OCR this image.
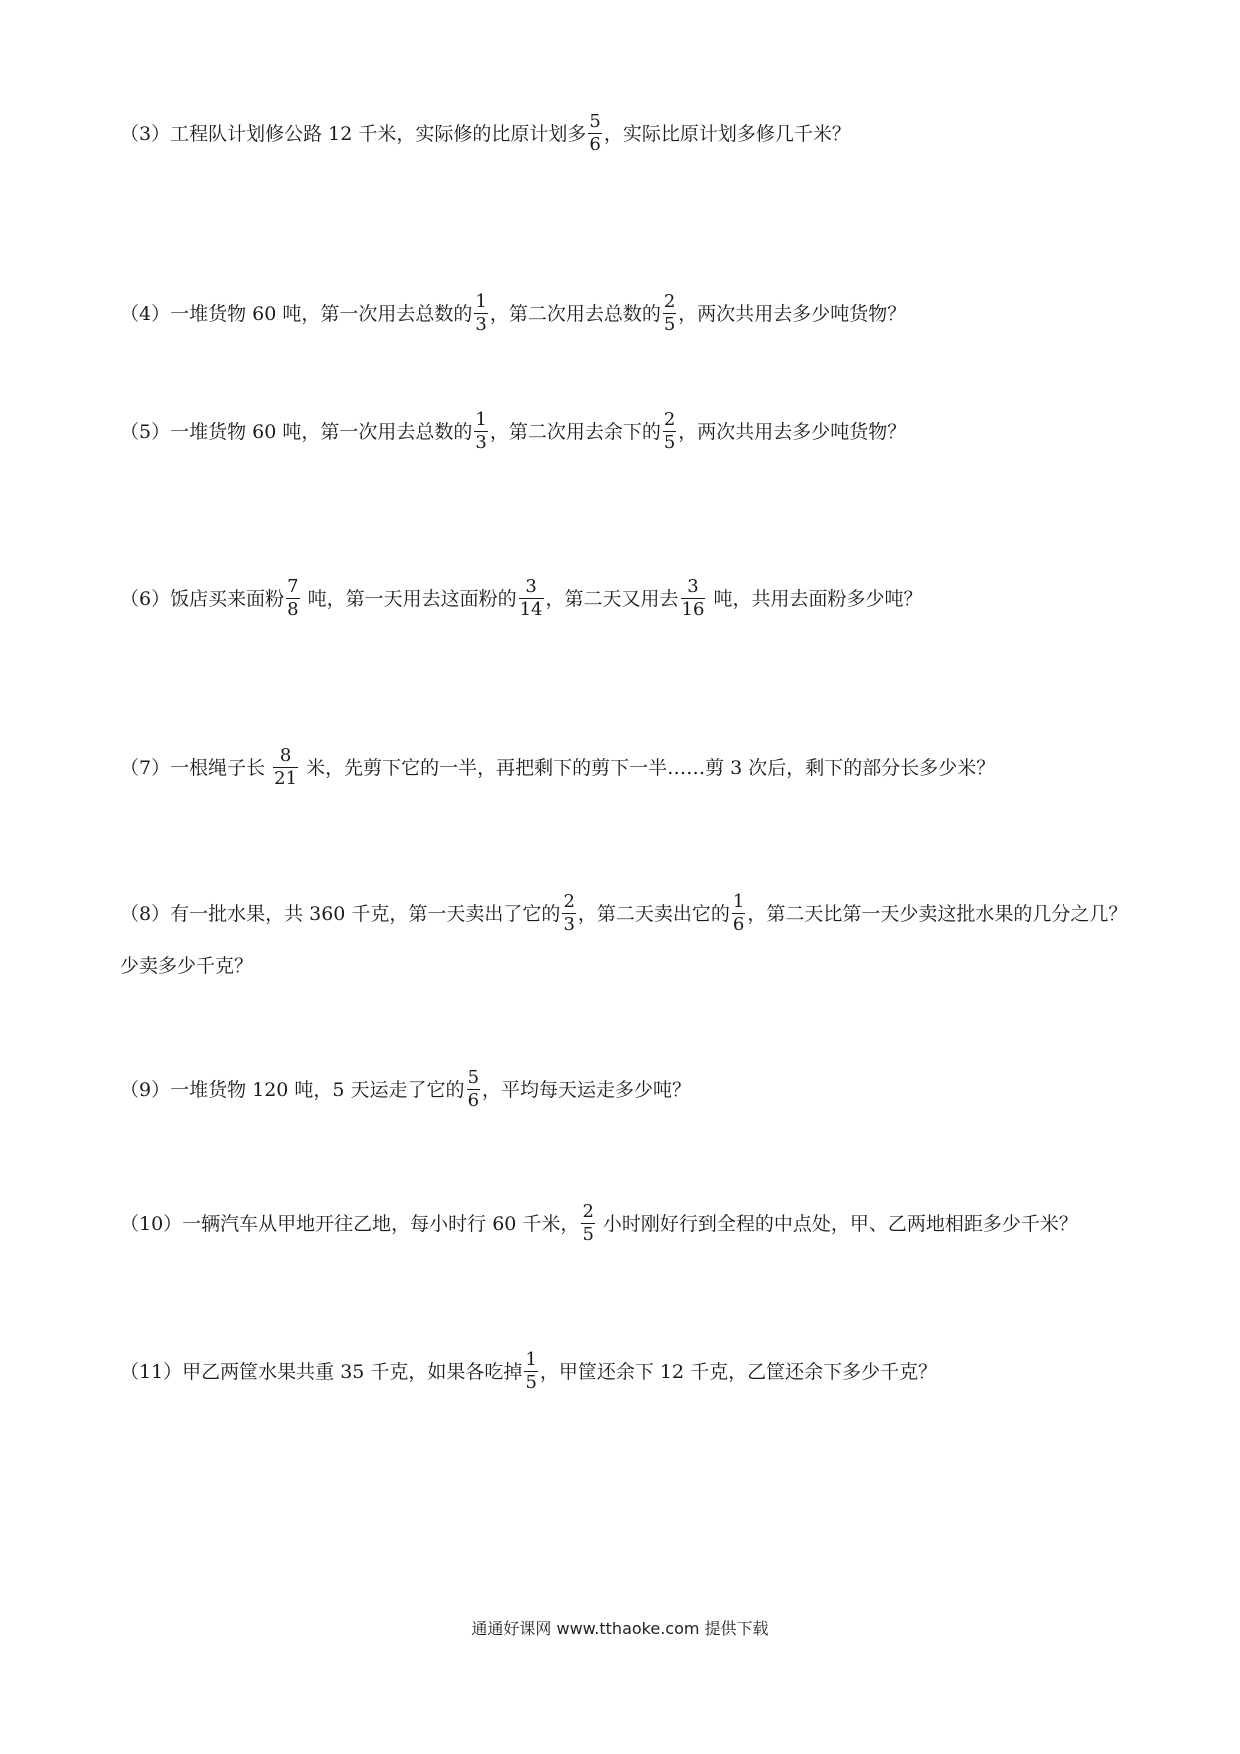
（3）工程队计划修公路 12 千米，实际修的比原计划多 $\frac{5}{6}$ ，实际比原计划多修几千米？
（4）一堆货物 60 吨，第一次用去总数的 $\frac{1}{3}$ ，第二次用去总数的 $\frac{2}{5}$ ，两次共用去多少吨货物？
（5）一堆货物 60 吨，第一次用去总数的 $\frac{1}{3}$ ，第二次用去余下的 $\frac{2}{5}$ ，两次共用去多少吨货物？
（6）饭店买来面粉 $\frac{7}{8}$ 吨，第一天用去这面粉的 $\frac{3}{14}$ ，第二天又用去 $\frac{3}{16}$ 吨，共用去面粉多少吨？
（7）一根绳子长 $\frac{8}{21}$ 米，先剪下它的一半，再把剩下的剪下一半……剪 3 次后，剩下的部分长多少米？
（8）有一批水果，共 360 千克，第一天卖出了它的 $\frac{2}{3}$ ，第二天卖出它的 $\frac{1}{6}$ ，第二天比第一天少卖这批水果的几分之几？少卖多少千克？
（9）一堆货物 120 吨，5 天运走了它的 $\frac{5}{6}$ ，平均每天运走多少吨？
（10）一辆汽车从甲地开往乙地，每小时行 60 千米， $\frac{2}{5}$ 小时刚好行到全程的中点处，甲、乙两地相距多少千米？
（11）甲乙两筐水果共重 35 千克，如果各吃掉 $\frac{1}{5}$ ，甲筐还余下 12 千克，乙筐还余下多少千克？
通通好课网 www.tthaoke.com 提供下载
